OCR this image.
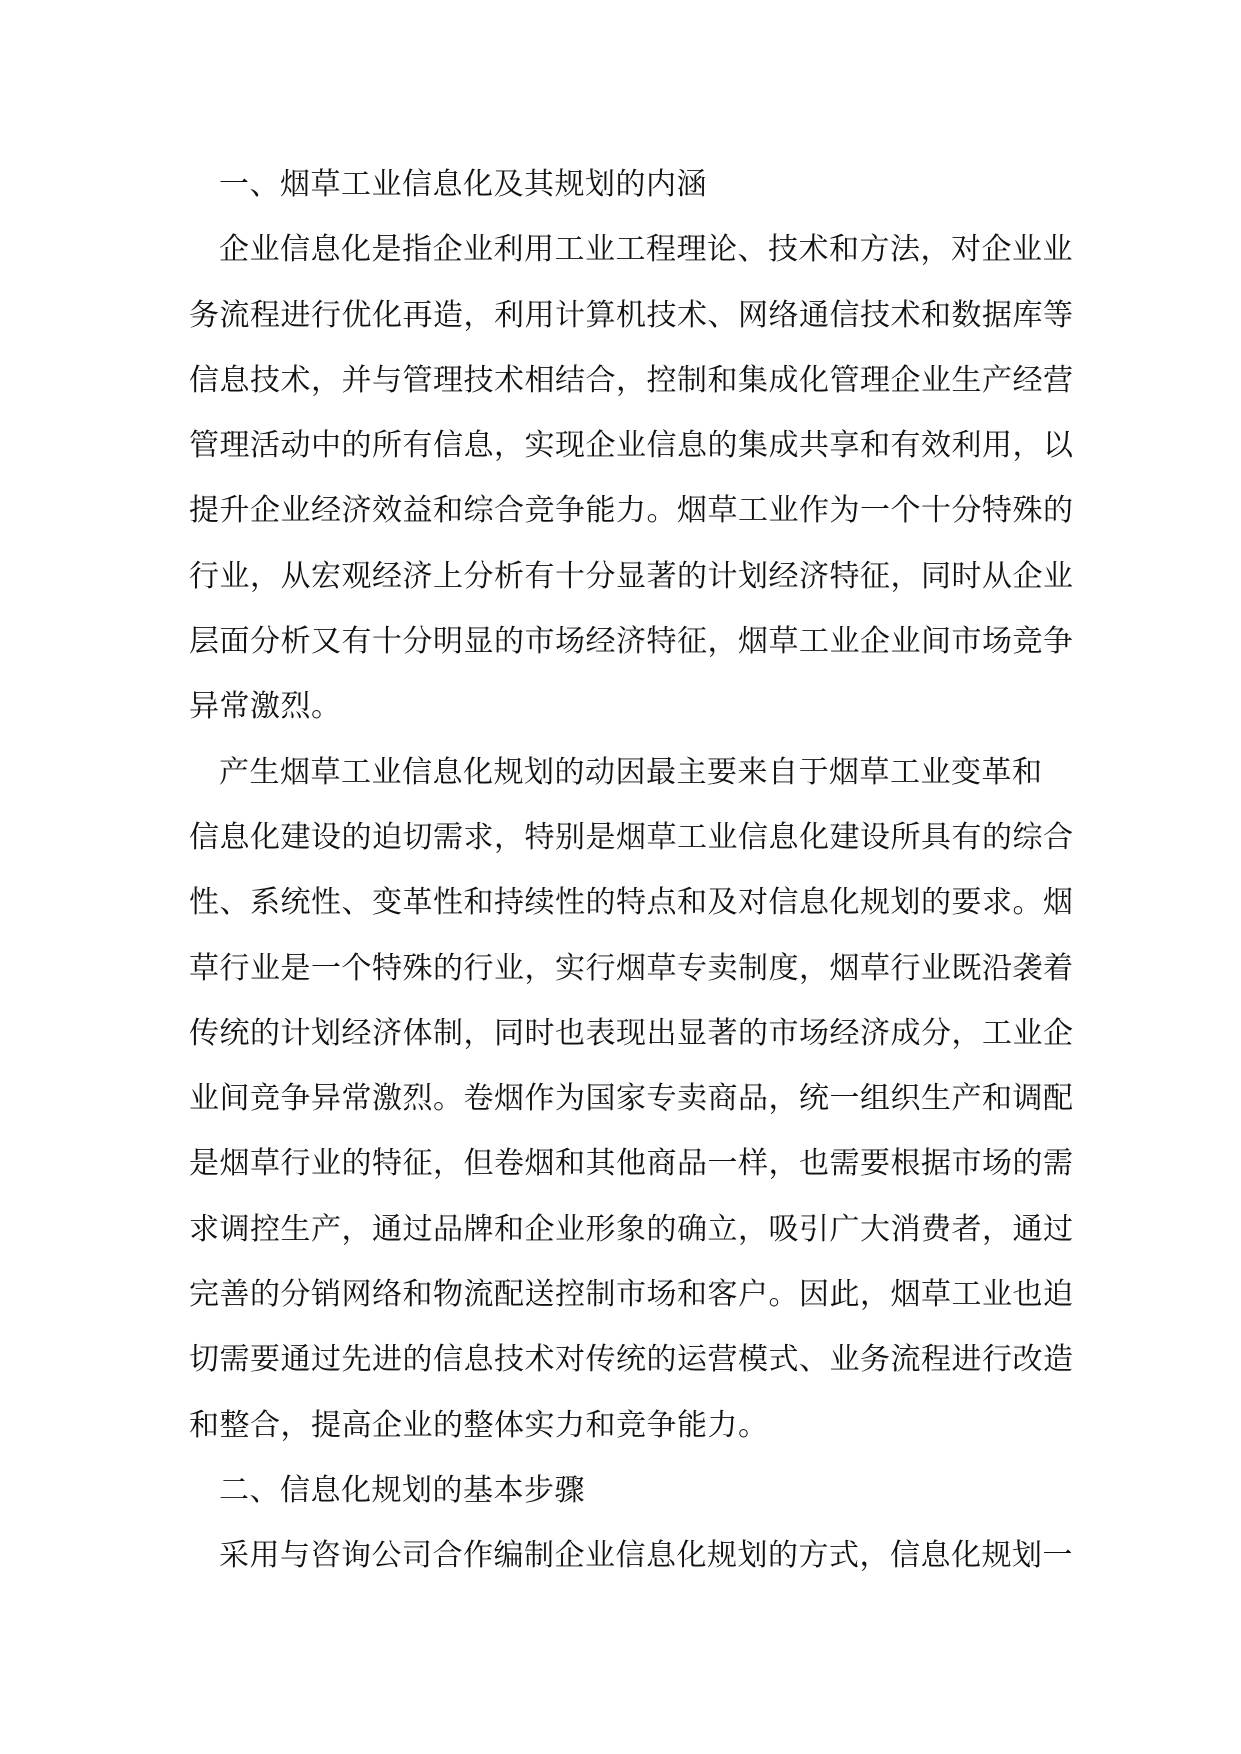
一、烟草工业信息化及其规划的内涵
企业信息化是指企业利用工业工程理论、技术和方法，对企业业
务流程进行优化再造，利用计算机技术、网络通信技术和数据库等
信息技术，并与管理技术相结合，控制和集成化管理企业生产经营
管理活动中的所有信息，实现企业信息的集成共享和有效利用，以
提升企业经济效益和综合竞争能力。烟草工业作为一个十分特殊的
行业，从宏观经济上分析有十分显著的计划经济特征，同时从企业
层面分析又有十分明显的市场经济特征，烟草工业企业间市场竞争
异常激烈。
产生烟草工业信息化规划的动因最主要来自于烟草工业变革和
信息化建设的迫切需求，特别是烟草工业信息化建设所具有的综合
性、系统性、变革性和持续性的特点和及对信息化规划的要求。烟
草行业是一个特殊的行业，实行烟草专卖制度，烟草行业既沿袭着
传统的计划经济体制，同时也表现出显著的市场经济成分，工业企
业间竞争异常激烈。卷烟作为国家专卖商品，统一组织生产和调配
是烟草行业的特征，但卷烟和其他商品一样，也需要根据市场的需
求调控生产，通过品牌和企业形象的确立，吸引广大消费者，通过
完善的分销网络和物流配送控制市场和客户。因此，烟草工业也迫
切需要通过先进的信息技术对传统的运营模式、业务流程进行改造
和整合，提高企业的整体实力和竞争能力。
二、信息化规划的基本步骤
采用与咨询公司合作编制企业信息化规划的方式，信息化规划一
